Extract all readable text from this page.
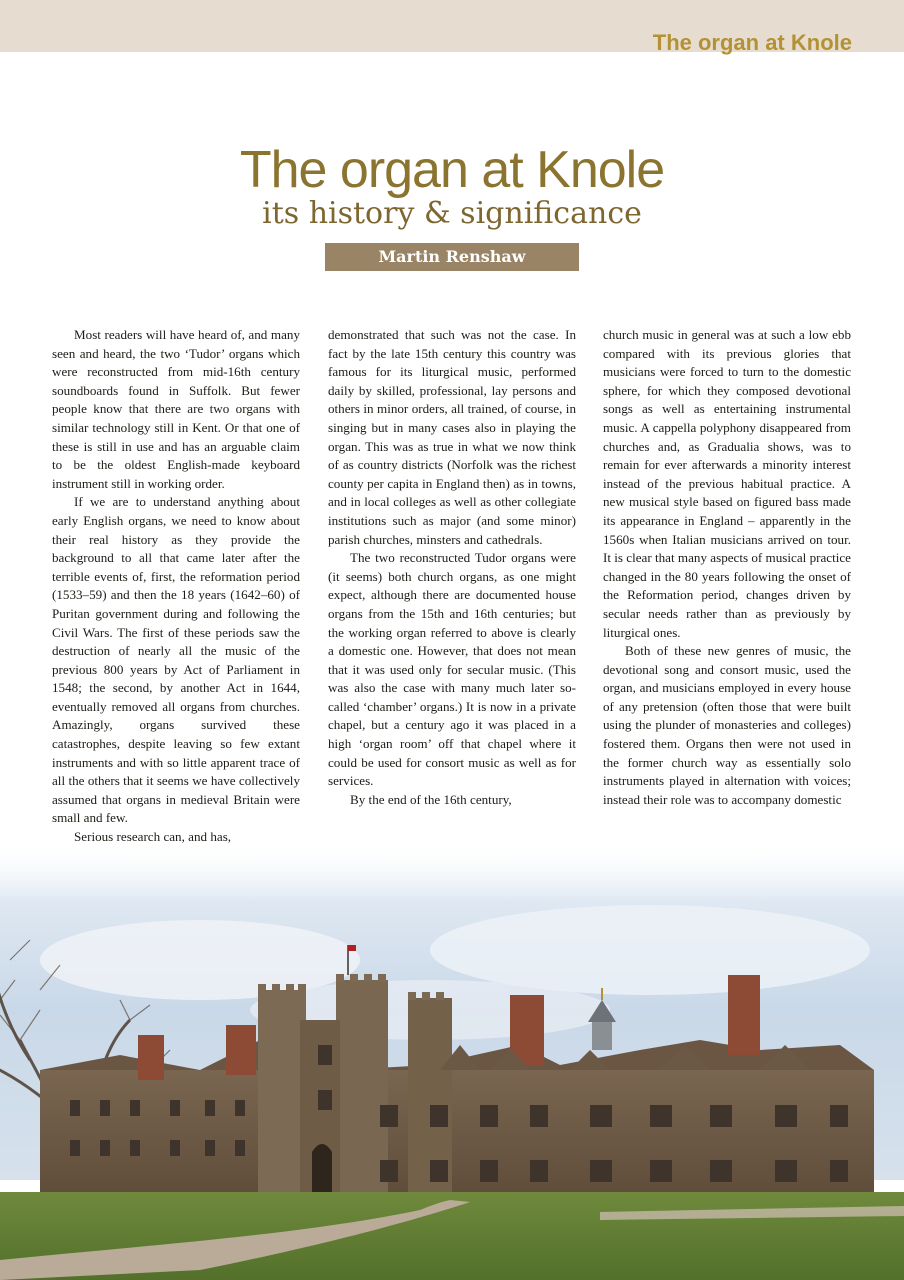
The organ at Knole
The organ at Knole
its history & significance
Martin Renshaw

Most readers will have heard of, and many seen and heard, the two ‘Tudor’ organs which were reconstructed from mid-16th century soundboards found in Suffolk. But fewer people know that there are two organs with similar technology still in Kent. Or that one of these is still in use and has an arguable claim to be the oldest English-made keyboard instrument still in working order.

If we are to understand anything about early English organs, we need to know about their real history as they provide the background to all that came later after the terrible events of, first, the reformation period (1533–59) and then the 18 years (1642–60) of Puritan government during and following the Civil Wars. The first of these periods saw the destruction of nearly all the music of the previous 800 years by Act of Parliament in 1548; the second, by another Act in 1644, eventually removed all organs from churches. Amazingly, organs survived these catastrophes, despite leaving so few extant instruments and with so little apparent trace of all the others that it seems we have collectively assumed that organs in medieval Britain were small and few.

Serious research can, and has,

demonstrated that such was not the case. In fact by the late 15th century this country was famous for its liturgical music, performed daily by skilled, professional, lay persons and others in minor orders, all trained, of course, in singing but in many cases also in playing the organ. This was as true in what we now think of as country districts (Norfolk was the richest county per capita in England then) as in towns, and in local colleges as well as other collegiate institutions such as major (and some minor) parish churches, minsters and cathedrals.

The two reconstructed Tudor organs were (it seems) both church organs, as one might expect, although there are documented house organs from the 15th and 16th centuries; but the working organ referred to above is clearly a domestic one. However, that does not mean that it was used only for secular music. (This was also the case with many much later so-called ‘chamber’ organs.) It is now in a private chapel, but a century ago it was placed in a high ‘organ room’ off that chapel where it could be used for consort music as well as for services.

By the end of the 16th century,

church music in general was at such a low ebb compared with its previous glories that musicians were forced to turn to the domestic sphere, for which they composed devotional songs as well as entertaining instrumental music. A cappella polyphony disappeared from churches and, as Gradualia shows, was to remain for ever afterwards a minority interest instead of the previous habitual practice. A new musical style based on figured bass made its appearance in England – apparently in the 1560s when Italian musicians arrived on tour. It is clear that many aspects of musical practice changed in the 80 years following the onset of the Reformation period, changes driven by secular needs rather than as previously by liturgical ones.

Both of these new genres of music, the devotional song and consort music, used the organ, and musicians employed in every house of any pretension (often those that were built using the plunder of monasteries and colleges) fostered them. Organs then were not used in the former church way as essentially solo instruments played in alternation with voices; instead their role was to accompany domestic
